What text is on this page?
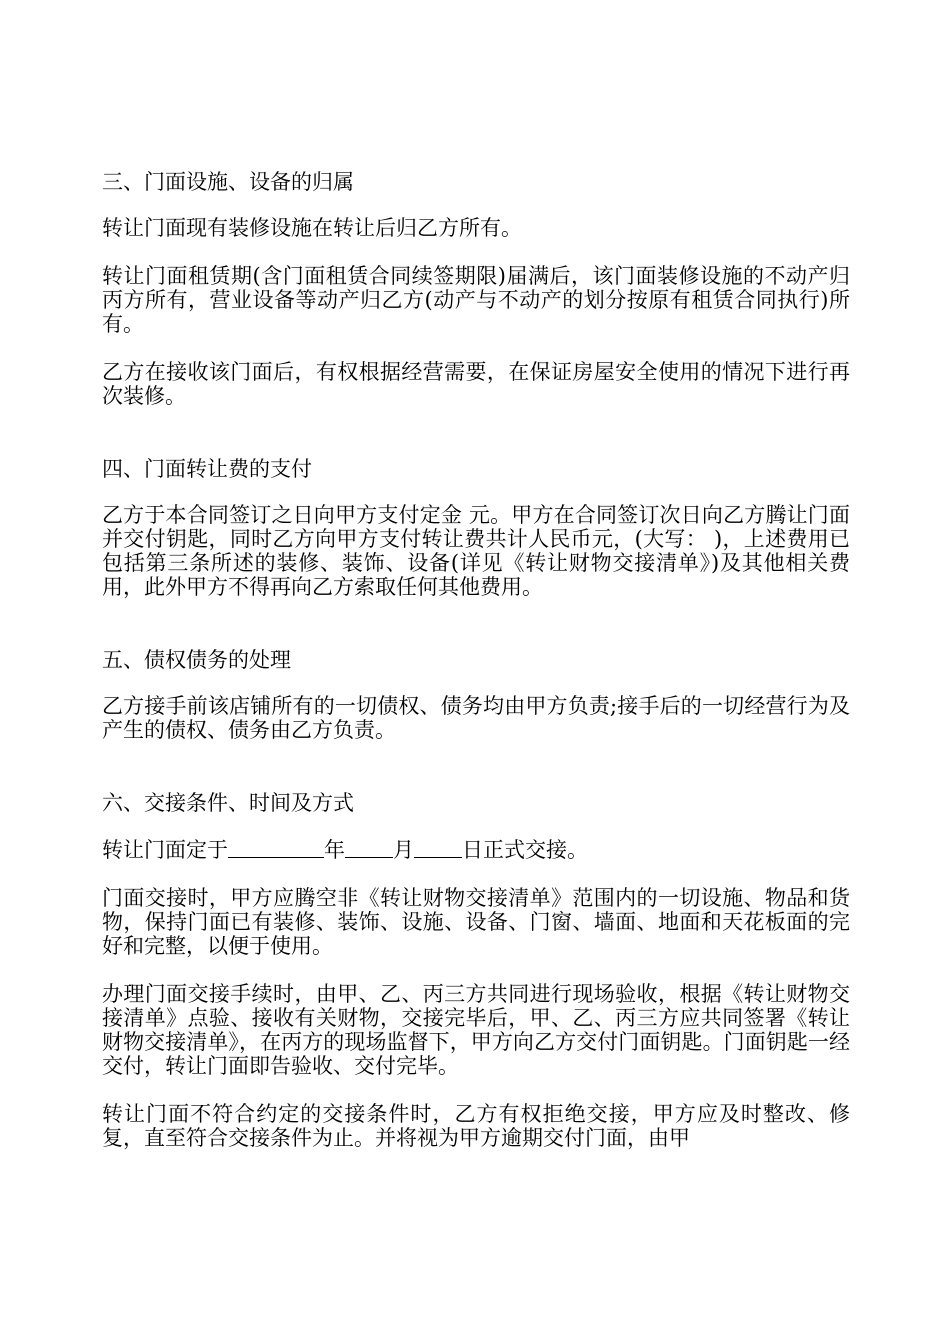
三、门面设施、设备的归属

转让门面现有装修设施在转让后归乙方所有。

转让门面租赁期(含门面租赁合同续签期限)届满后，该门面装修设施的不动产归丙方所有，营业设备等动产归乙方(动产与不动产的划分按原有租赁合同执行)所有。

乙方在接收该门面后，有权根据经营需要，在保证房屋安全使用的情况下进行再次装修。

四、门面转让费的支付

乙方于本合同签订之日向甲方支付定金 元。甲方在合同签订次日向乙方腾让门面并交付钥匙，同时乙方向甲方支付转让费共计人民币元，(大写： )，上述费用已包括第三条所述的装修、装饰、设备(详见《转让财物交接清单》)及其他相关费用，此外甲方不得再向乙方索取任何其他费用。

五、债权债务的处理

乙方接手前该店铺所有的一切债权、债务均由甲方负责;接手后的一切经营行为及产生的债权、债务由乙方负责。

六、交接条件、时间及方式

转让门面定于	年 月 日正式交接。

门面交接时，甲方应腾空非《转让财物交接清单》范围内的一切设施、物品和货物，保持门面已有装修、装饰、设施、设备、门窗、墙面、地面和天花板面的完好和完整，以便于使用。

办理门面交接手续时，由甲、乙、丙三方共同进行现场验收，根据《转让财物交接清单》点验、接收有关财物，交接完毕后，甲、乙、丙三方应共同签署《转让财物交接清单》，在丙方的现场监督下，甲方向乙方交付门面钥匙。门面钥匙一经交付，转让门面即告验收、交付完毕。

转让门面不符合约定的交接条件时，乙方有权拒绝交接，甲方应及时整改、修复，直至符合交接条件为止。并将视为甲方逾期交付门面，由甲
